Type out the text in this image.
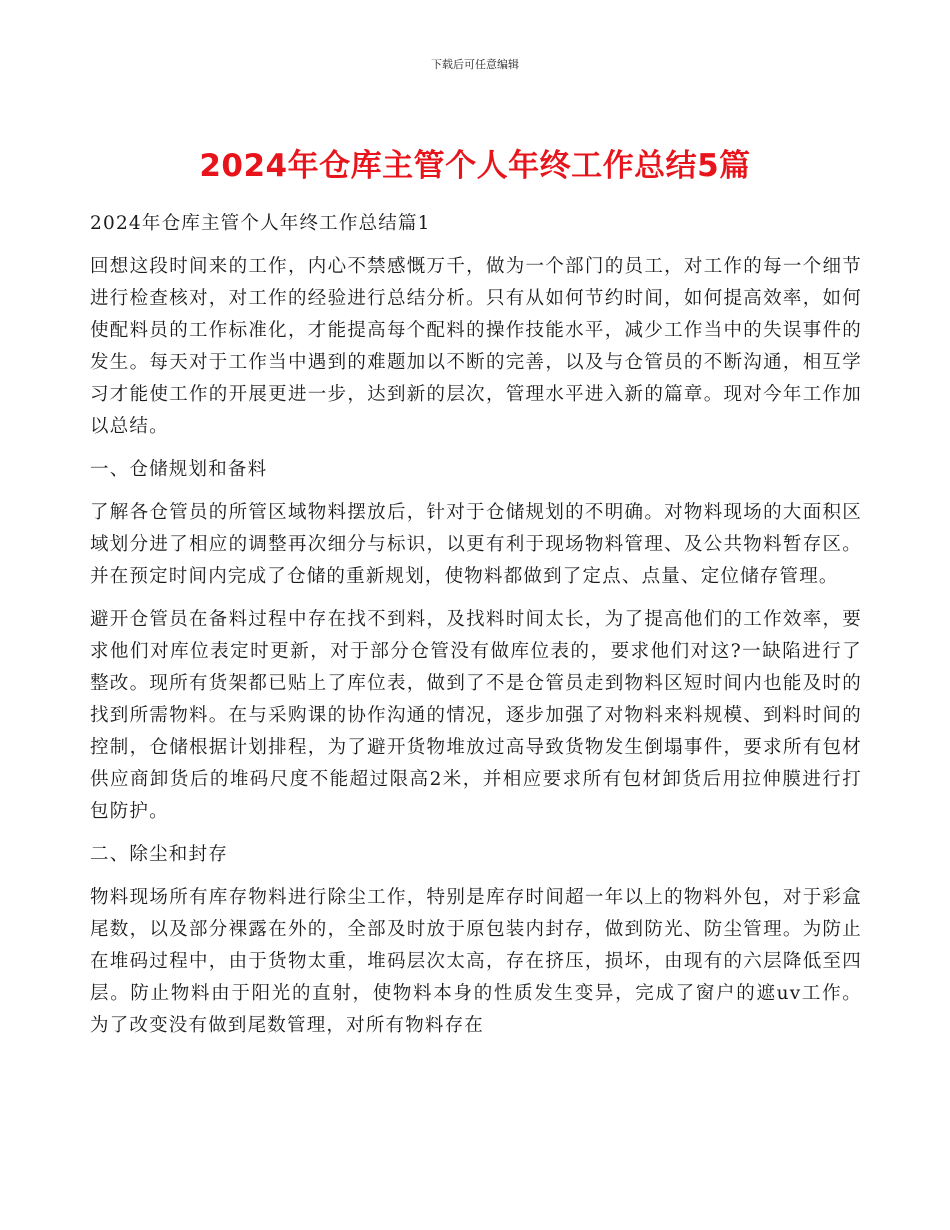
下载后可任意编辑
2024年仓库主管个人年终工作总结5篇

2024年仓库主管个人年终工作总结篇1

回想这段时间来的工作，内心不禁感慨万千，做为一个部门的员工，对工作的每一个细节进行检查核对，对工作的经验进行总结分析。只有从如何节约时间，如何提高效率，如何使配料员的工作标准化，才能提高每个配料的操作技能水平，减少工作当中的失误事件的发生。每天对于工作当中遇到的难题加以不断的完善，以及与仓管员的不断沟通，相互学习才能使工作的开展更进一步，达到新的层次，管理水平进入新的篇章。现对今年工作加以总结。

一、仓储规划和备料

了解各仓管员的所管区域物料摆放后，针对于仓储规划的不明确。对物料现场的大面积区域划分进了相应的调整再次细分与标识，以更有利于现场物料管理、及公共物料暂存区。并在预定时间内完成了仓储的重新规划，使物料都做到了定点、点量、定位储存管理。

避开仓管员在备料过程中存在找不到料，及找料时间太长，为了提高他们的工作效率，要求他们对库位表定时更新，对于部分仓管没有做库位表的，要求他们对这?一缺陷进行了整改。现所有货架都已贴上了库位表，做到了不是仓管员走到物料区短时间内也能及时的找到所需物料。在与采购课的协作沟通的情况，逐步加强了对物料来料规模、到料时间的控制，仓储根据计划排程，为了避开货物堆放过高导致货物发生倒塌事件，要求所有包材供应商卸货后的堆码尺度不能超过限高2米，并相应要求所有包材卸货后用拉伸膜进行打包防护。

二、除尘和封存

物料现场所有库存物料进行除尘工作，特别是库存时间超一年以上的物料外包，对于彩盒尾数，以及部分裸露在外的，全部及时放于原包装内封存，做到防光、防尘管理。为防止在堆码过程中，由于货物太重，堆码层次太高，存在挤压，损坏，由现有的六层降低至四层。防止物料由于阳光的直射，使物料本身的性质发生变异，完成了窗户的遮uv工作。为了改变没有做到尾数管理，对所有物料存在
